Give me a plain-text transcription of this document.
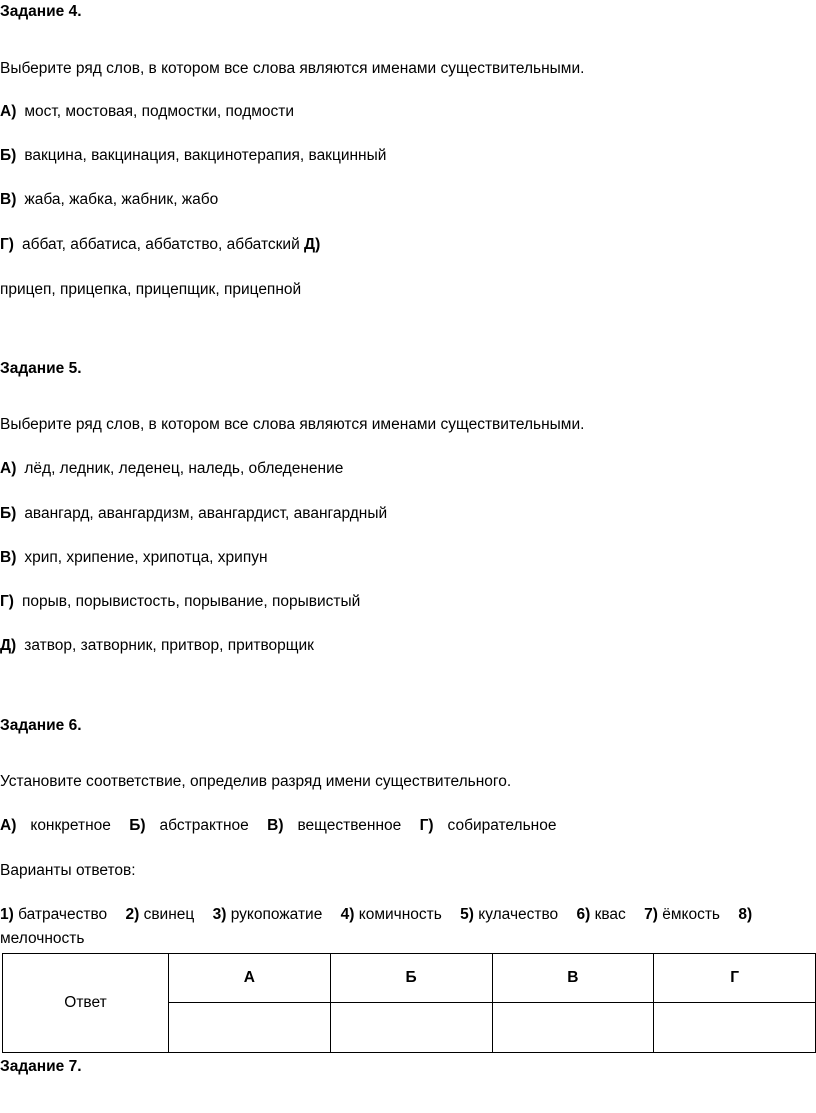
Задание 4.
Выберите ряд слов, в котором все слова являются именами существительными.
А) мост, мостовая, подмостки, подмости
Б) вакцина, вакцинация, вакцинотерапия, вакцинный
В) жаба, жабка, жабник, жабо
Г) аббат, аббатиса, аббатство, аббатский Д)
прицеп, прицепка, прицепщик, прицепной
Задание 5.
Выберите ряд слов, в котором все слова являются именами существительными.
А) лёд, ледник, леденец, наледь, обледенение
Б) авангард, авангардизм, авангардист, авангардный
В) хрип, хрипение, хрипотца, хрипун
Г) порыв, порывистость, порывание, порывистый
Д) затвор, затворник, притвор, притворщик
Задание 6.
Установите соответствие, определив разряд имени существительного.
А) конкретное Б) абстрактное В) вещественное Г) собирательное
Варианты ответов:
1) батрачество 2) свинец 3) рукопожатие 4) комичность 5) кулачество 6) квас 7) ёмкость 8)
мелочность
Ответ	А	Б	В	Г

Задание 7.
